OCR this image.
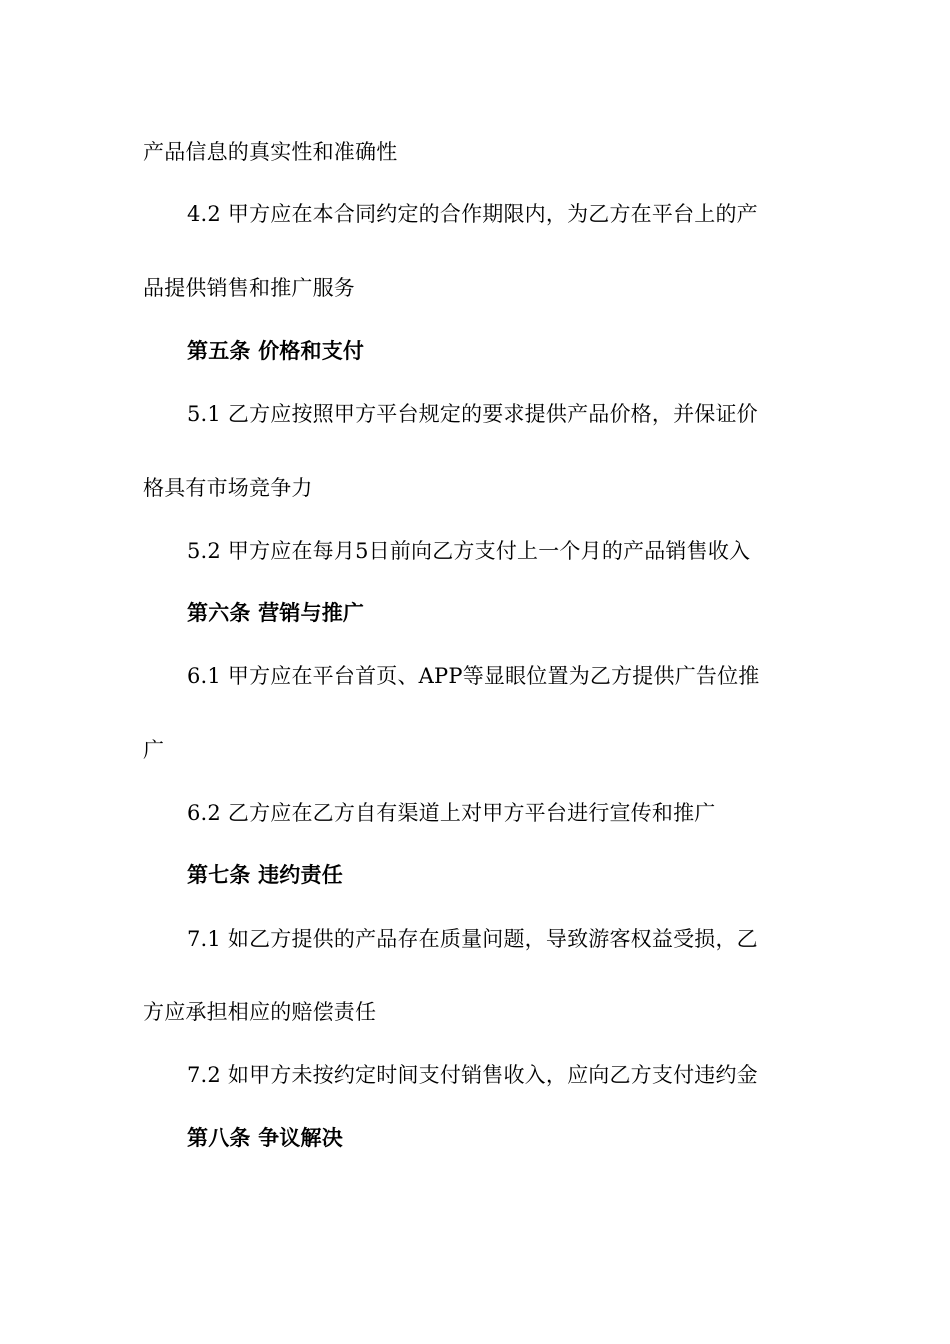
产品信息的真实性和准确性
4.2 甲方应在本合同约定的合作期限内，为乙方在平台上的产
品提供销售和推广服务
第五条 价格和支付
5.1 乙方应按照甲方平台规定的要求提供产品价格，并保证价
格具有市场竞争力
5.2 甲方应在每月5日前向乙方支付上一个月的产品销售收入
第六条 营销与推广
6.1 甲方应在平台首页、APP等显眼位置为乙方提供广告位推
广
6.2 乙方应在乙方自有渠道上对甲方平台进行宣传和推广
第七条 违约责任
7.1 如乙方提供的产品存在质量问题，导致游客权益受损，乙
方应承担相应的赔偿责任
7.2 如甲方未按约定时间支付销售收入，应向乙方支付违约金
第八条 争议解决
